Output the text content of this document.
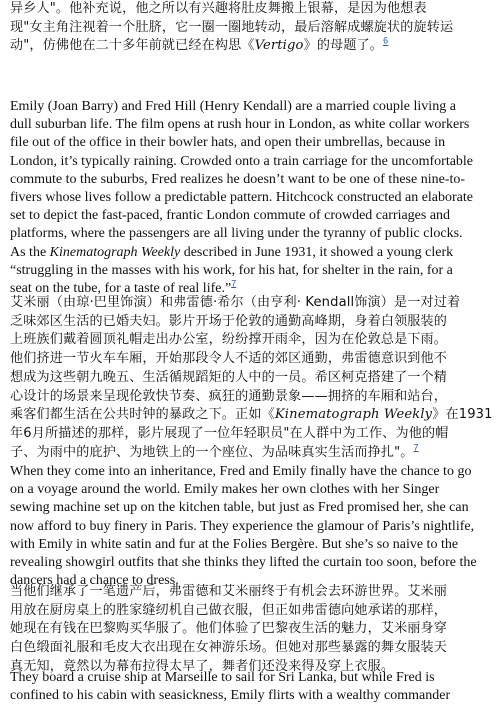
异乡人"。他补充说，他之所以有兴趣将肚皮舞搬上银幕，是因为他想表
现"女主角注视着一个肚脐，它一圈一圈地转动，最后溶解成螺旋状的旋转运
动"，仿佛他在二十多年前就已经在构思《Vertigo》的母题了。$^6$

Emily (Joan Barry) and Fred Hill (Henry Kendall) are a married couple living a
dull suburban life. The film opens at rush hour in London, as white collar workers
file out of the office in their bowler hats, and open their umbrellas, because in
London, it’s typically raining. Crowded onto a train carriage for the uncomfortable
commute to the suburbs, Fred realizes he doesn’t want to be one of these nine-to-
fivers whose lives follow a predictable pattern. Hitchcock constructed an elaborate
set to depict the fast-paced, frantic London commute of crowded carriages and
platforms, where the passengers are all living under the tyranny of public clocks.
As the Kinematograph Weekly described in June 1931, it showed a young clerk
“struggling in the masses with his work, for his hat, for shelter in the rain, for a
seat on the tube, for a taste of real life.”$^7$

艾米丽（由琼·巴里饰演）和弗雷德·希尔（由亨利· Kendall饰演）是一对过着
乏味郊区生活的已婚夫妇。影片开场于伦敦的通勤高峰期，身着白领服装的
上班族们戴着圆顶礼帽走出办公室，纷纷撑开雨伞，因为在伦敦总是下雨。
他们挤进一节火车车厢，开始那段令人不适的郊区通勤，弗雷德意识到他不
想成为这些朝九晚五、生活循规蹈矩的人中的一员。希区柯克搭建了一个精
心设计的场景来呈现伦敦快节奏、疯狂的通勤景象——拥挤的车厢和站台，
乘客们都生活在公共时钟的暴政之下。正如《Kinematograph Weekly》在1931
年6月所描述的那样，影片展现了一位年轻职员"在人群中为工作、为他的帽
子、为雨中的庇护、为地铁上的一个座位、为品味真实生活而挣扎"。$^7$

When they come into an inheritance, Fred and Emily finally have the chance to go
on a voyage around the world. Emily makes her own clothes with her Singer
sewing machine set up on the kitchen table, but just as Fred promised her, she can
now afford to buy finery in Paris. They experience the glamour of Paris’s nightlife,
with Emily in white satin and fur at the Folies Bergère. But she’s so naive to the
revealing showgirl outfits that she thinks they lifted the curtain too soon, before the
dancers had a chance to dress.

当他们继承了一笔遗产后，弗雷德和艾米丽终于有机会去环游世界。艾米丽
用放在厨房桌上的胜家缝纫机自己做衣服，但正如弗雷德向她承诺的那样，
她现在有钱在巴黎购买华服了。他们体验了巴黎夜生活的魅力，艾米丽身穿
白色缎面礼服和毛皮大衣出现在女神游乐场。但她对那些暴露的舞女服装天
真无知，竟然以为幕布拉得太早了，舞者们还没来得及穿上衣服。

They board a cruise ship at Marseille to sail for Sri Lanka, but while Fred is
confined to his cabin with seasickness, Emily flirts with a wealthy commander
